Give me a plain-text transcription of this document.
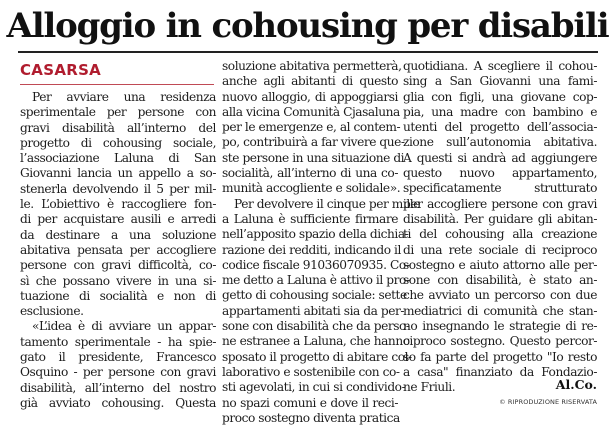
Alloggio in cohousing per disabili
CASARSA
Per avviare una residenza
sperimentale per persone con
gravi disabilità all’interno del
progetto di cohousing sociale,
l’associazione Laluna di San
Giovanni lancia un appello a so-
stenerla devolvendo il 5 per mil-
le. L’obiettivo è raccogliere fon-
di per acquistare ausili e arredi
da destinare a una soluzione
abitativa pensata per accogliere
persone con gravi difficoltà, co-
sì che possano vivere in una si-
tuazione di socialità e non di
esclusione.
«L’idea è di avviare un appar-
tamento sperimentale - ha spie-
gato il presidente, Francesco
Osquino - per persone con gravi
disabilità, all’interno del nostro
già avviato cohousing. Questa
soluzione abitativa permetterà,
anche agli abitanti di questo
nuovo alloggio, di appoggiarsi
alla vicina Comunità Cjasaluna
per le emergenze e, al contem-
po, contribuirà a far vivere que-
ste persone in una situazione di
socialità, all’interno di una co-
munità accogliente e solidale».
Per devolvere il cinque per mille
a Laluna è sufficiente firmare
nell’apposito spazio della dichia-
razione dei redditi, indicando il
codice fiscale 91036070935. Co-
me detto a Laluna è attivo il pro-
getto di cohousing sociale: sette
appartamenti abitati sia da per-
sone con disabilità che da perso-
ne estranee a Laluna, che hanno
sposato il progetto di abitare col-
laborativo e sostenibile con co-
sti agevolati, in cui si condivido-
no spazi comuni e dove il reci-
proco sostegno diventa pratica
quotidiana. A scegliere il cohou-
sing a San Giovanni una fami-
glia con figli, una giovane cop-
pia, una madre con bambino e
utenti del progetto dell’associa-
zione sull’autonomia abitativa.
A questi si andrà ad aggiungere
questo nuovo appartamento,
specificatamente strutturato
per accogliere persone con gravi
disabilità. Per guidare gli abitan-
ti del cohousing alla creazione
di una rete sociale di reciproco
sostegno e aiuto attorno alle per-
sone con disabilità, è stato an-
che avviato un percorso con due
mediatrici di comunità che stan-
no insegnando le strategie di re-
ciproco sostegno. Questo percor-
so fa parte del progetto "Io resto
a casa" finanziato da Fondazio-
ne Friuli.	Al.Co.
© RIPRODUZIONE RISERVATA
